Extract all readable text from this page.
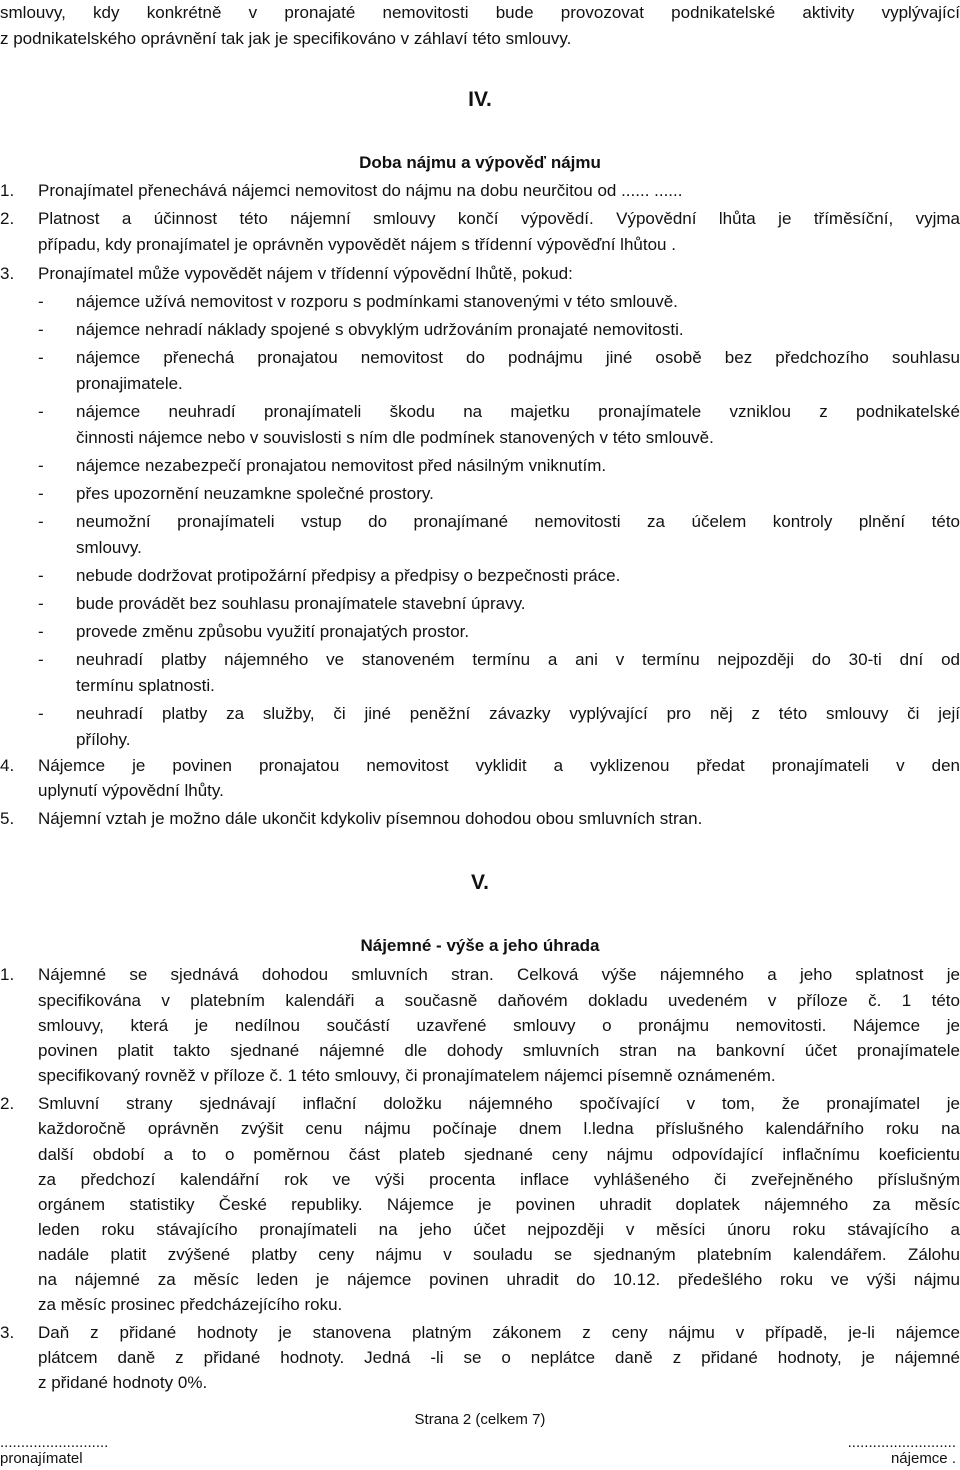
smlouvy, kdy konkrétně v pronajaté nemovitosti bude provozovat podnikatelské aktivity vyplývající
z podnikatelského oprávnění tak jak je specifikováno v záhlaví této smlouvy.
IV.
Doba nájmu a výpověď nájmu
1. Pronajímatel přenechává nájemci nemovitost do nájmu na dobu neurčitou od ...... ......
2. Platnost a účinnost této nájemní smlouvy končí výpovědí. Výpovědní lhůta je tříměsíční, vyjma
případu, kdy pronajímatel je oprávněn vypovědět nájem s třídenní výpověďní lhůtou .
3. Pronajímatel může vypovědět nájem v třídenní výpovědní lhůtě, pokud:
- nájemce užívá nemovitost v rozporu s podmínkami stanovenými v této smlouvě.
- nájemce nehradí náklady spojené s obvyklým udržováním pronajaté nemovitosti.
- nájemce přenechá pronajatou nemovitost do podnájmu jiné osobě bez předchozího souhlasu
pronajimatele.
- nájemce neuhradí pronajímateli škodu na majetku pronajímatele vzniklou z podnikatelské
činnosti nájemce nebo v souvislosti s ním dle podmínek stanovených v této smlouvě.
- nájemce nezabezpečí pronajatou nemovitost před násilným vniknutím.
- přes upozornění neuzamkne společné prostory.
- neumožní pronajímateli vstup do pronajímané nemovitosti za účelem kontroly plnění této
smlouvy.
- nebude dodržovat protipožární předpisy a předpisy o bezpečnosti práce.
- bude provádět bez souhlasu pronajímatele stavební úpravy.
- provede změnu způsobu využití pronajatých prostor.
- neuhradí platby nájemného ve stanoveném termínu a ani v termínu nejpozději do 30-ti dní od
termínu splatnosti.
- neuhradí platby za služby, či jiné peněžní závazky vyplývající pro něj z této smlouvy či její
přílohy.
4. Nájemce je povinen pronajatou nemovitost vyklidit a vyklizenou předat pronajímateli v den
uplynutí výpovědní lhůty.
5. Nájemní vztah je možno dále ukončit kdykoliv písemnou dohodou obou smluvních stran.
V.
Nájemné - výše a jeho úhrada
1. Nájemné se sjednává dohodou smluvních stran. Celková výše nájemného a jeho splatnost je
specifikována v platebním kalendáři a současně daňovém dokladu uvedeném v příloze č. 1 této
smlouvy, která je nedílnou součástí uzavřené smlouvy o pronájmu nemovitosti. Nájemce je
povinen platit takto sjednané nájemné dle dohody smluvních stran na bankovní účet pronajímatele
specifikovaný rovněž v příloze č. 1 této smlouvy, či pronajímatelem nájemci písemně oznámeném.
2. Smluvní strany sjednávají inflační doložku nájemného spočívající v tom, že pronajímatel je
každoročně oprávněn zvýšit cenu nájmu počínaje dnem l.ledna příslušného kalendářního roku na
další období a to o poměrnou část plateb sjednané ceny nájmu odpovídající inflačnímu koeficientu
za předchozí kalendářní rok ve výši procenta inflace vyhlášeného či zveřejněného příslušným
orgánem statistiky České republiky. Nájemce je povinen uhradit doplatek nájemného za měsíc
leden roku stávajícího pronajímateli na jeho účet nejpozději v měsíci únoru roku stávajícího a
nadále platit zvýšené platby ceny nájmu v souladu se sjednaným platebním kalendářem. Zálohu
na nájemné za měsíc leden je nájemce povinen uhradit do 10.12. předešlého roku ve výši nájmu
za měsíc prosinec předcházejícího roku.
3. Daň z přidané hodnoty je stanovena platným zákonem z ceny nájmu v případě, je-li nájemce
plátcem daně z přidané hodnoty. Jedná -li se o neplátce daně z přidané hodnoty, je nájemné
z přidané hodnoty 0%.
Strana 2 (celkem 7)
..........................
pronajímatel
..........................
nájemce .
